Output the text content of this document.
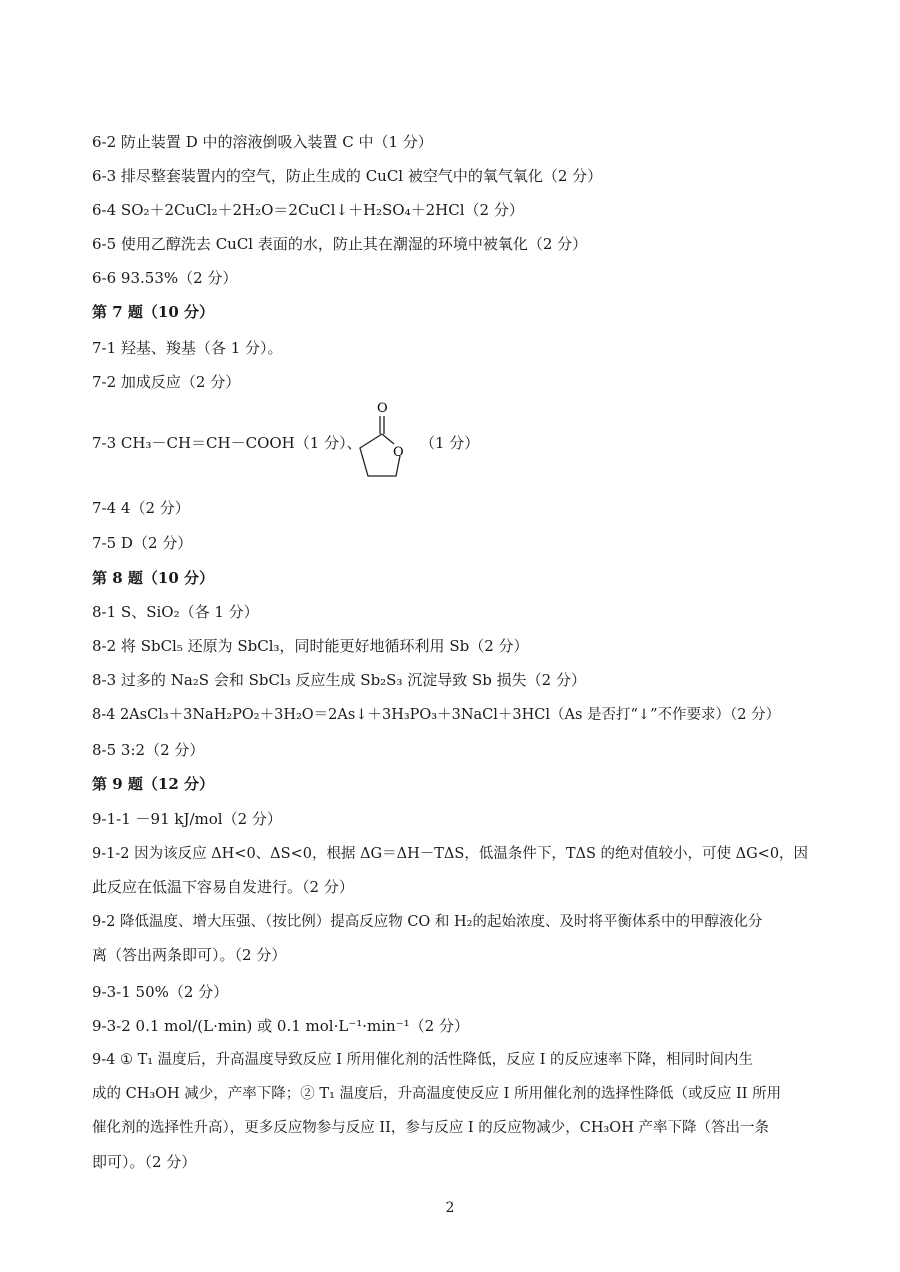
6-2 防止装置 D 中的溶液倒吸入装置 C 中（1 分）
6-3 排尽整套装置内的空气，防止生成的 CuCl 被空气中的氧气氧化（2 分）
6-4 SO₂＋2CuCl₂＋2H₂O＝2CuCl↓＋H₂SO₄＋2HCl（2 分）
6-5 使用乙醇洗去 CuCl 表面的水，防止其在潮湿的环境中被氧化（2 分）
6-6 93.53%（2 分）
第 7 题（10 分）
7-1 羟基、羧基（各 1 分）。
7-2 加成反应（2 分）
7-3 CH₃－CH＝CH－COOH（1 分）、
O
O
（1 分）
7-4 4（2 分）
7-5 D（2 分）
第 8 题（10 分）
8-1 S、SiO₂（各 1 分）
8-2 将 SbCl₅ 还原为 SbCl₃，同时能更好地循环利用 Sb（2 分）
8-3 过多的 Na₂S 会和 SbCl₃ 反应生成 Sb₂S₃ 沉淀导致 Sb 损失（2 分）
8-4 2AsCl₃＋3NaH₂PO₂＋3H₂O＝2As↓＋3H₃PO₃＋3NaCl＋3HCl（As 是否打“↓”不作要求）（2 分）
8-5 3:2（2 分）
第 9 题（12 分）
9-1-1 －91 kJ/mol（2 分）
9-1-2 因为该反应 ΔH<0、ΔS<0，根据 ΔG＝ΔH－TΔS，低温条件下，TΔS 的绝对值较小，可使 ΔG<0，因
此反应在低温下容易自发进行。（2 分）
9-2 降低温度、增大压强、（按比例）提高反应物 CO 和 H₂的起始浓度、及时将平衡体系中的甲醇液化分
离（答出两条即可）。（2 分）
9-3-1 50%（2 分）
9-3-2 0.1 mol/(L·min) 或 0.1 mol·L⁻¹·min⁻¹（2 分）
9-4 ① T₁ 温度后，升高温度导致反应 I 所用催化剂的活性降低，反应 I 的反应速率下降，相同时间内生
成的 CH₃OH 减少，产率下降；② T₁ 温度后，升高温度使反应 I 所用催化剂的选择性降低（或反应 II 所用
催化剂的选择性升高），更多反应物参与反应 II，参与反应 I 的反应物减少，CH₃OH 产率下降（答出一条
即可）。（2 分）
2
